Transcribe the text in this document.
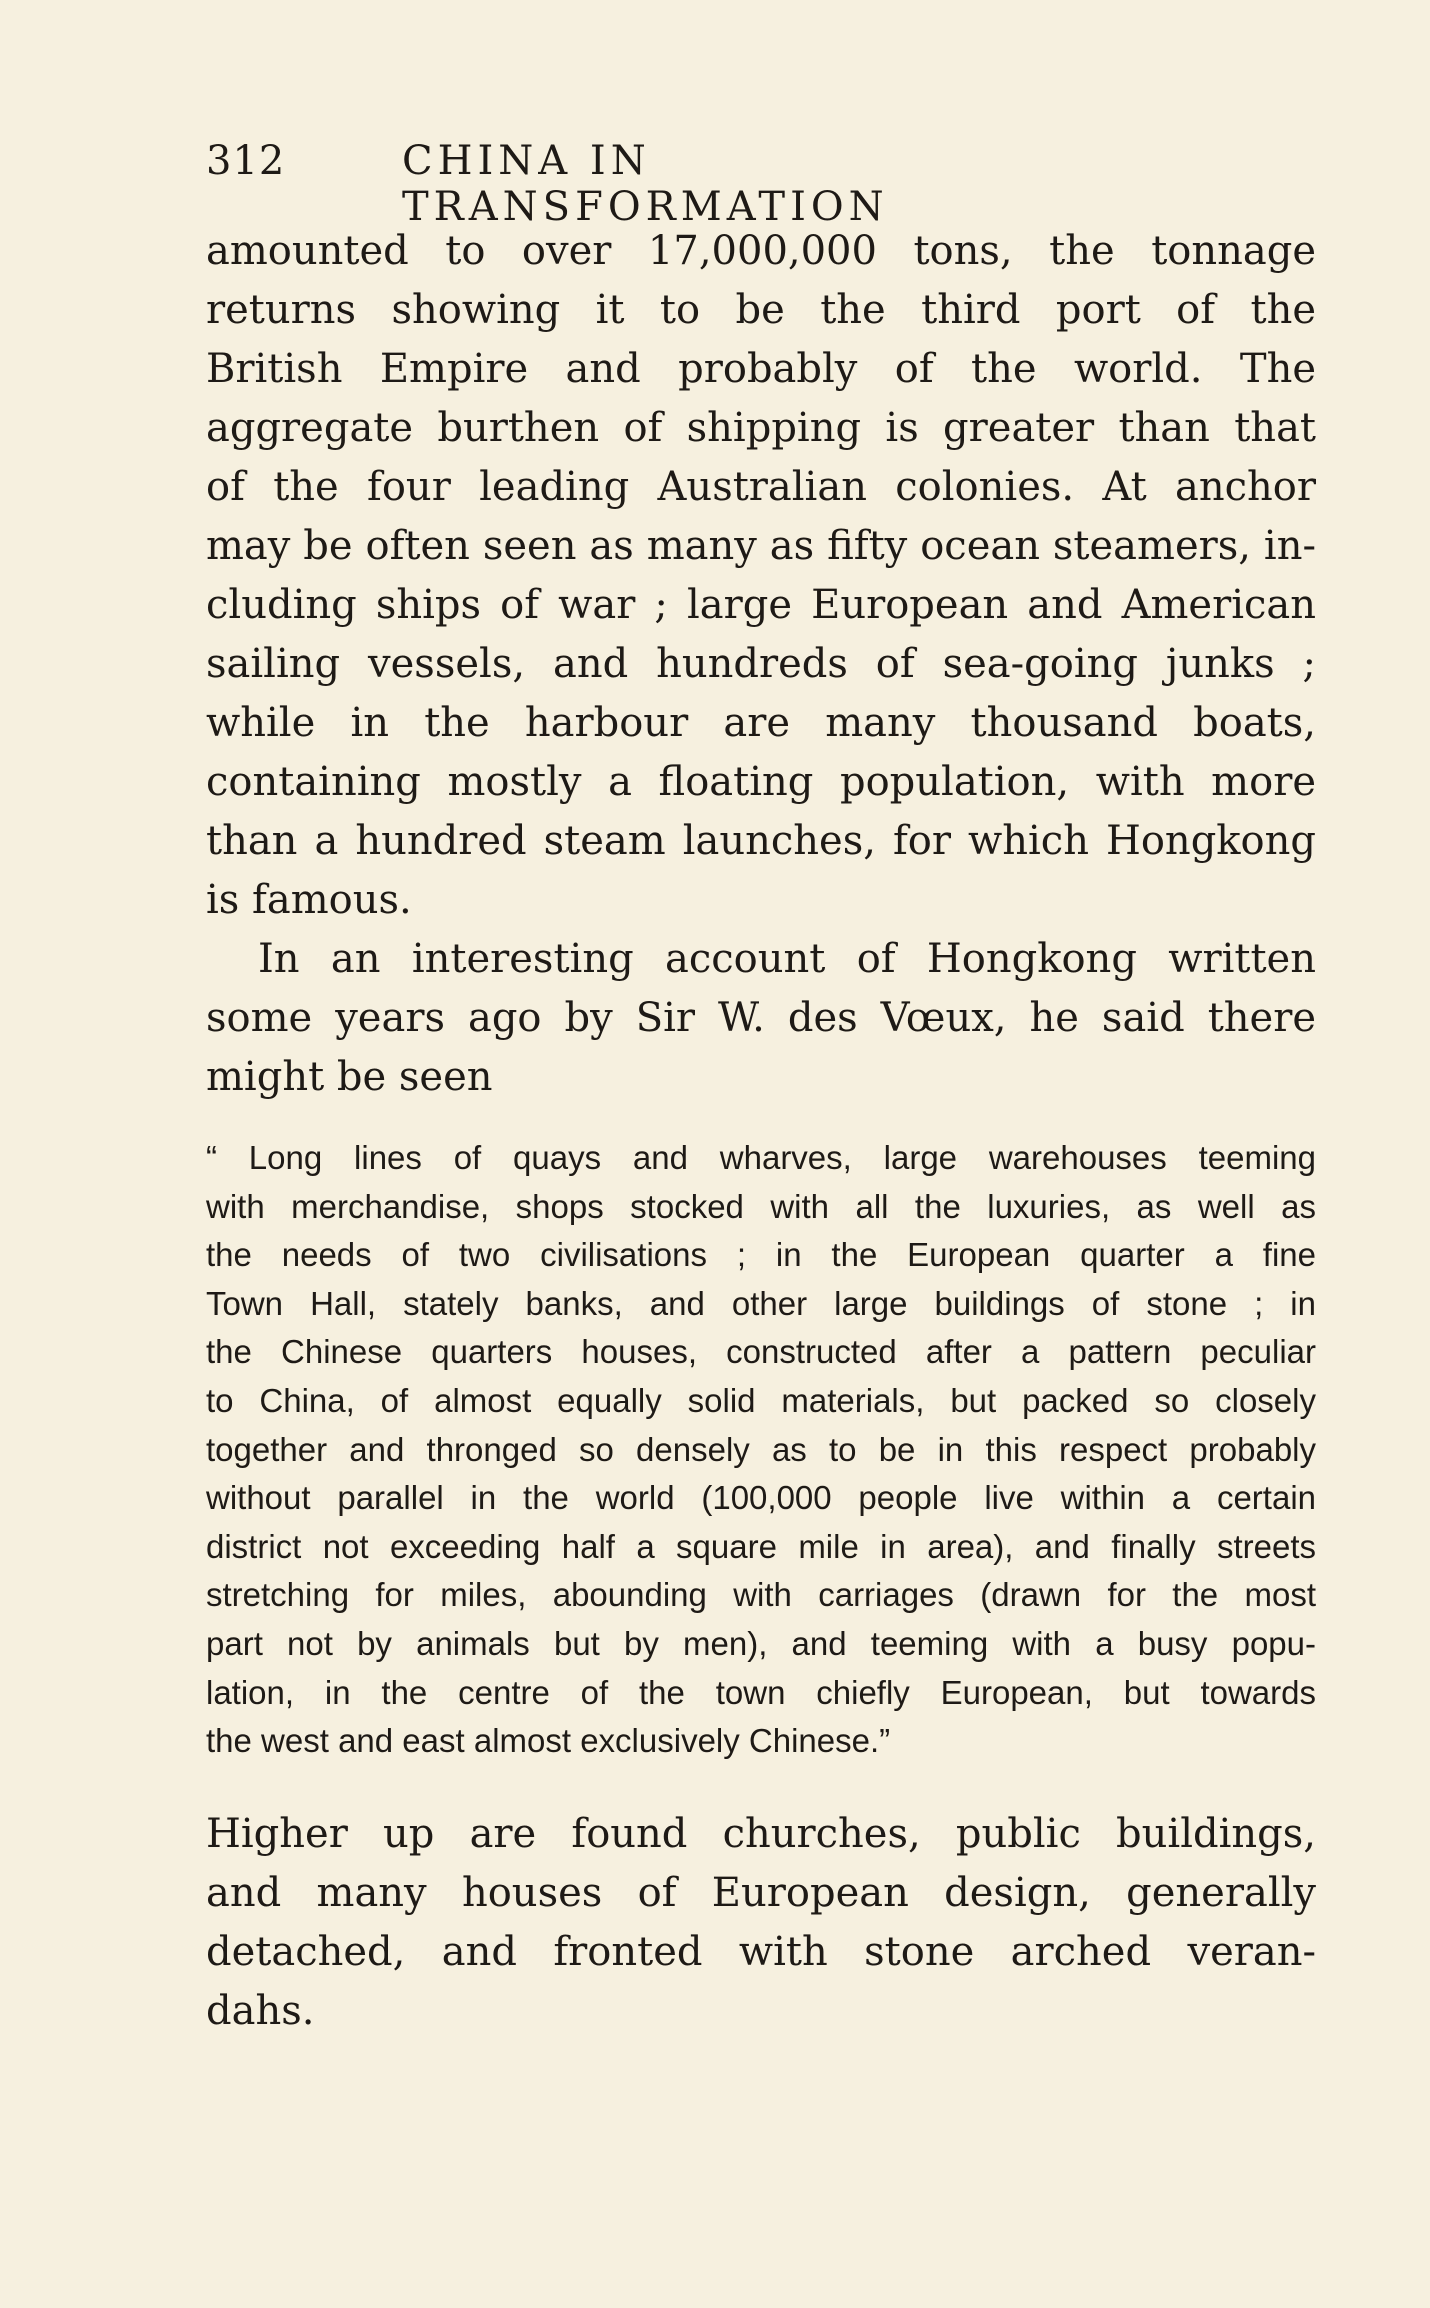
312	CHINA IN TRANSFORMATION
amounted to over 17,000,000 tons, the tonnage
returns showing it to be the third port of the
British Empire and probably of the world. The
aggregate burthen of shipping is greater than that
of the four leading Australian colonies. At anchor
may be often seen as many as fifty ocean steamers, in-
cluding ships of war ; large European and American
sailing vessels, and hundreds of sea-going junks ;
while in the harbour are many thousand boats,
containing mostly a floating population, with more
than a hundred steam launches, for which Hongkong
is famous.
In an interesting account of Hongkong written
some years ago by Sir W. des Vœux, he said there
might be seen
“ Long lines of quays and wharves, large warehouses teeming
with merchandise, shops stocked with all the luxuries, as well as
the needs of two civilisations ; in the European quarter a fine
Town Hall, stately banks, and other large buildings of stone ; in
the Chinese quarters houses, constructed after a pattern peculiar
to China, of almost equally solid materials, but packed so closely
together and thronged so densely as to be in this respect probably
without parallel in the world (100,000 people live within a certain
district not exceeding half a square mile in area), and finally streets
stretching for miles, abounding with carriages (drawn for the most
part not by animals but by men), and teeming with a busy popu-
lation, in the centre of the town chiefly European, but towards
the west and east almost exclusively Chinese.”
Higher up are found churches, public buildings,
and many houses of European design, generally
detached, and fronted with stone arched veran-
dahs.
